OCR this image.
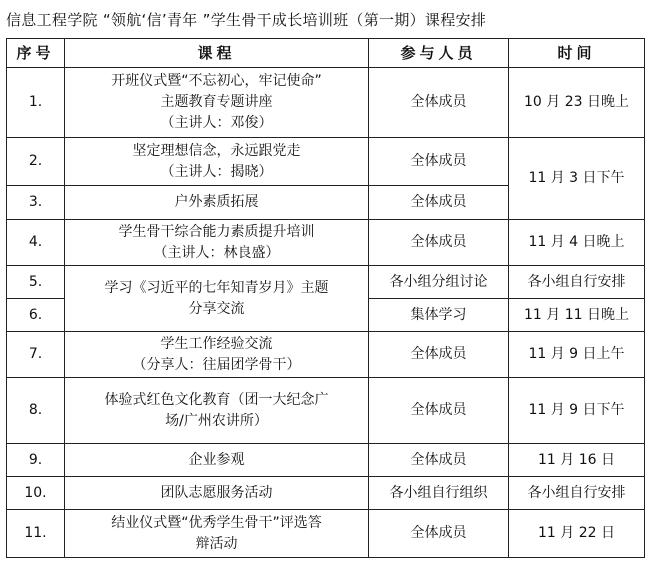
信息工程学院 “领航‘信’青年 ”学生骨干成长培训班（第一期）课程安排
序号	课程	参与人员	时间
1.	开班仪式暨“不忘初心，牢记使命”
主题教育专题讲座
（主讲人：邓俊）	全体成员	10 月 23 日晚上
2.	坚定理想信念，永远跟党走
（主讲人：揭晓）	全体成员	11 月 3 日下午
3.	户外素质拓展	全体成员	
4.	学生骨干综合能力素质提升培训
（主讲人：林良盛）	全体成员	11 月 4 日晚上
5.	学习《习近平的七年知青岁月》主题
分享交流	各小组分组讨论	各小组自行安排
6.		集体学习	11 月 11 日晚上
7.	学生工作经验交流
（分享人：往届团学骨干）	全体成员	11 月 9 日上午
8.	体验式红色文化教育（团一大纪念广
场/广州农讲所）	全体成员	11 月 9 日下午
9.	企业参观	全体成员	11 月 16 日
10.	团队志愿服务活动	各小组自行组织	各小组自行安排
11.	结业仪式暨“优秀学生骨干”评选答
辩活动	全体成员	11 月 22 日
